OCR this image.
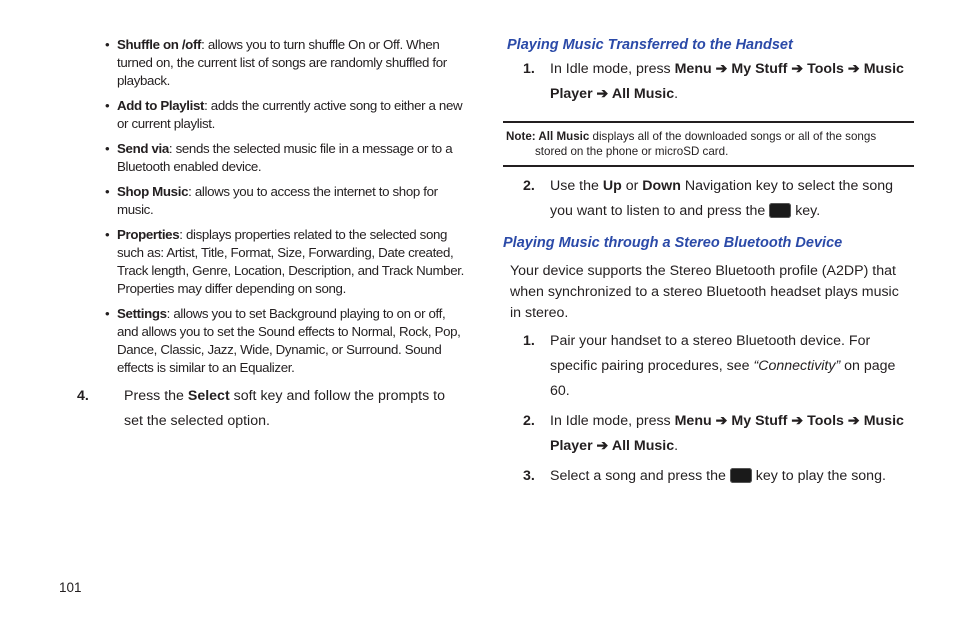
• Shuffle on /off: allows you to turn shuffle On or Off. When turned on, the current list of songs are randomly shuffled for playback.
• Add to Playlist: adds the currently active song to either a new or current playlist.
• Send via: sends the selected music file in a message or to a Bluetooth enabled device.
• Shop Music: allows you to access the internet to shop for music.
• Properties: displays properties related to the selected song such as: Artist, Title, Format, Size, Forwarding, Date created, Track length, Genre, Location, Description, and Track Number. Properties may differ depending on song.
• Settings: allows you to set Background playing to on or off, and allows you to set the Sound effects to Normal, Rock, Pop, Dance, Classic, Jazz, Wide, Dynamic, or Surround. Sound effects is similar to an Equalizer.
4.	Press the Select soft key and follow the prompts to set the selected option.
Playing Music Transferred to the Handset
1.	In Idle mode, press Menu ➔ My Stuff ➔ Tools ➔ Music Player ➔ All Music.
Note: All Music displays all of the downloaded songs or all of the songs
stored on the phone or microSD card.
2.	Use the Up or Down Navigation key to select the song you want to listen to and press the  key.
Playing Music through a Stereo Bluetooth Device
Your device supports the Stereo Bluetooth profile (A2DP) that when synchronized to a stereo Bluetooth headset plays music in stereo.
1.	Pair your handset to a stereo Bluetooth device. For specific pairing procedures, see “Connectivity” on page 60.
2.	In Idle mode, press Menu ➔ My Stuff ➔ Tools ➔ Music Player ➔ All Music.
3.	Select a song and press the  key to play the song.
101
